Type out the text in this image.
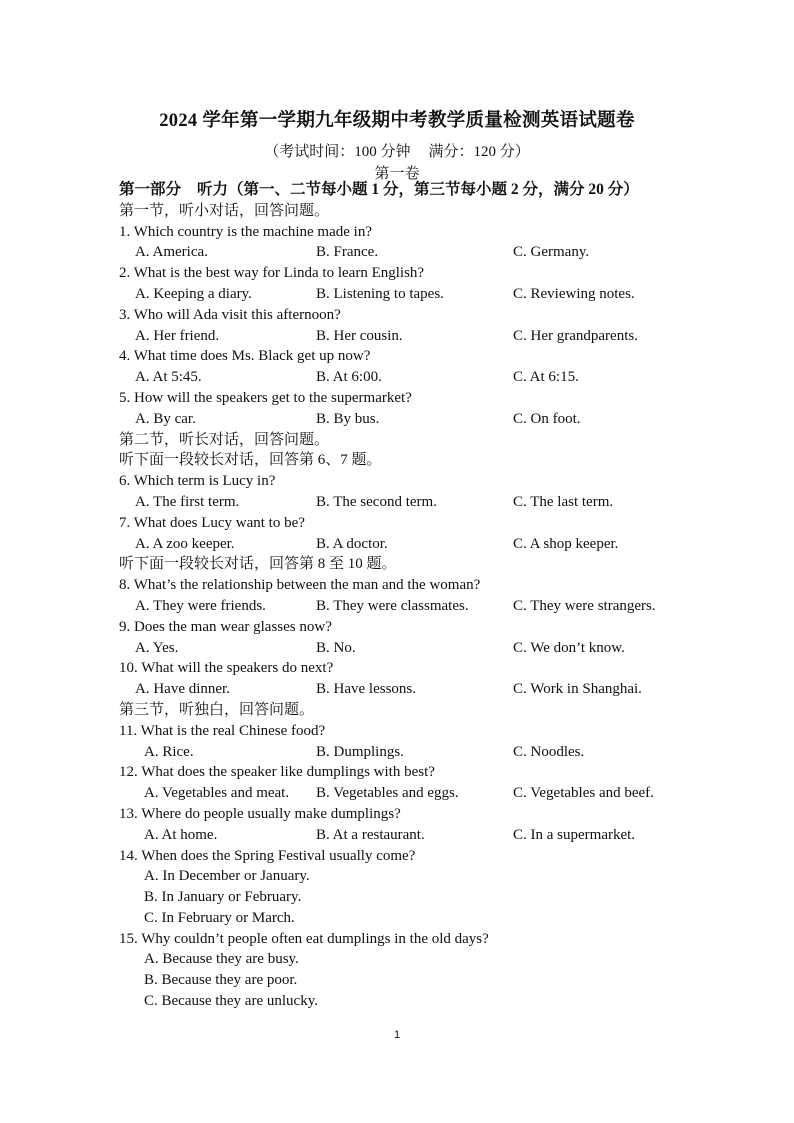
2024 学年第一学期九年级期中考教学质量检测英语试题卷
（考试时间：100 分钟 满分：120 分）
第一卷
第一部分 听力（第一、二节每小题 1 分，第三节每小题 2 分，满分 20 分）
第一节，听小对话，回答问题。
1. Which country is the machine made in?
A. America.	B. France.	C. Germany.
2. What is the best way for Linda to learn English?
A. Keeping a diary.	B. Listening to tapes.	C. Reviewing notes.
3. Who will Ada visit this afternoon?
A. Her friend.	B. Her cousin.	C. Her grandparents.
4. What time does Ms. Black get up now?
A. At 5:45.	B. At 6:00.	C. At 6:15.
5. How will the speakers get to the supermarket?
A. By car.	B. By bus.	C. On foot.
第二节，听长对话，回答问题。
听下面一段较长对话，回答第 6、7 题。
6. Which term is Lucy in?
A. The first term.	B. The second term.	C. The last term.
7. What does Lucy want to be?
A. A zoo keeper.	B. A doctor.	C. A shop keeper.
听下面一段较长对话，回答第 8 至 10 题。
8. What’s the relationship between the man and the woman?
A. They were friends.	B. They were classmates.	C. They were strangers.
9. Does the man wear glasses now?
A. Yes.	B. No.	C. We don’t know.
10. What will the speakers do next?
A. Have dinner.	B. Have lessons.	C. Work in Shanghai.
第三节，听独白，回答问题。
11. What is the real Chinese food?
A. Rice.	B. Dumplings.	C. Noodles.
12. What does the speaker like dumplings with best?
A. Vegetables and meat. B. Vegetables and eggs.	C. Vegetables and beef.
13. Where do people usually make dumplings?
A. At home.	B. At a restaurant.	C. In a supermarket.
14. When does the Spring Festival usually come?
A. In December or January.
B. In January or February.
C. In February or March.
15. Why couldn’t people often eat dumplings in the old days?
A. Because they are busy.
B. Because they are poor.
C. Because they are unlucky.
1
